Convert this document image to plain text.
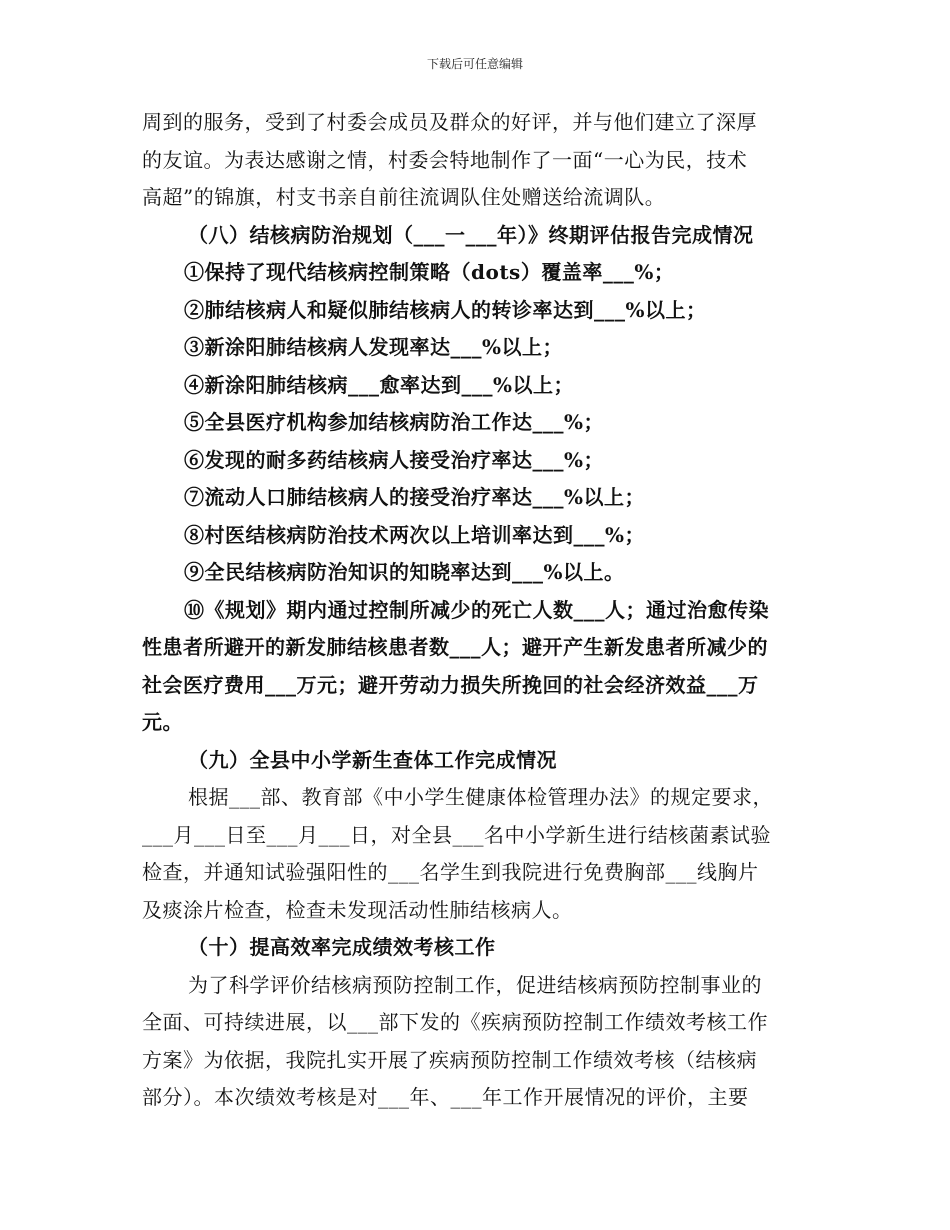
下载后可任意编辑
周到的服务，受到了村委会成员及群众的好评，并与他们建立了深厚
的友谊。为表达感谢之情，村委会特地制作了一面“一心为民，技术
高超”的锦旗，村支书亲自前往流调队住处赠送给流调队。
（八）结核病防治规划（___一___年）》终期评估报告完成情况
①保持了现代结核病控制策略（dots）覆盖率___%；
②肺结核病人和疑似肺结核病人的转诊率达到___%以上；
③新涂阳肺结核病人发现率达___%以上；
④新涂阳肺结核病___愈率达到___%以上；
⑤全县医疗机构参加结核病防治工作达___%；
⑥发现的耐多药结核病人接受治疗率达___%；
⑦流动人口肺结核病人的接受治疗率达___%以上；
⑧村医结核病防治技术两次以上培训率达到___%；
⑨全民结核病防治知识的知晓率达到___%以上。
⑩《规划》期内通过控制所减少的死亡人数___人；通过治愈传染
性患者所避开的新发肺结核患者数___人；避开产生新发患者所减少的
社会医疗费用___万元；避开劳动力损失所挽回的社会经济效益___万
元。
（九）全县中小学新生查体工作完成情况
根据___部、教育部《中小学生健康体检管理办法》的规定要求，
___月___日至___月___日，对全县___名中小学新生进行结核菌素试验
检查，并通知试验强阳性的___名学生到我院进行免费胸部___线胸片
及痰涂片检查，检查未发现活动性肺结核病人。
（十）提高效率完成绩效考核工作
为了科学评价结核病预防控制工作，促进结核病预防控制事业的
全面、可持续进展，以___部下发的《疾病预防控制工作绩效考核工作
方案》为依据，我院扎实开展了疾病预防控制工作绩效考核（结核病
部分）。本次绩效考核是对___年、___年工作开展情况的评价，主要
